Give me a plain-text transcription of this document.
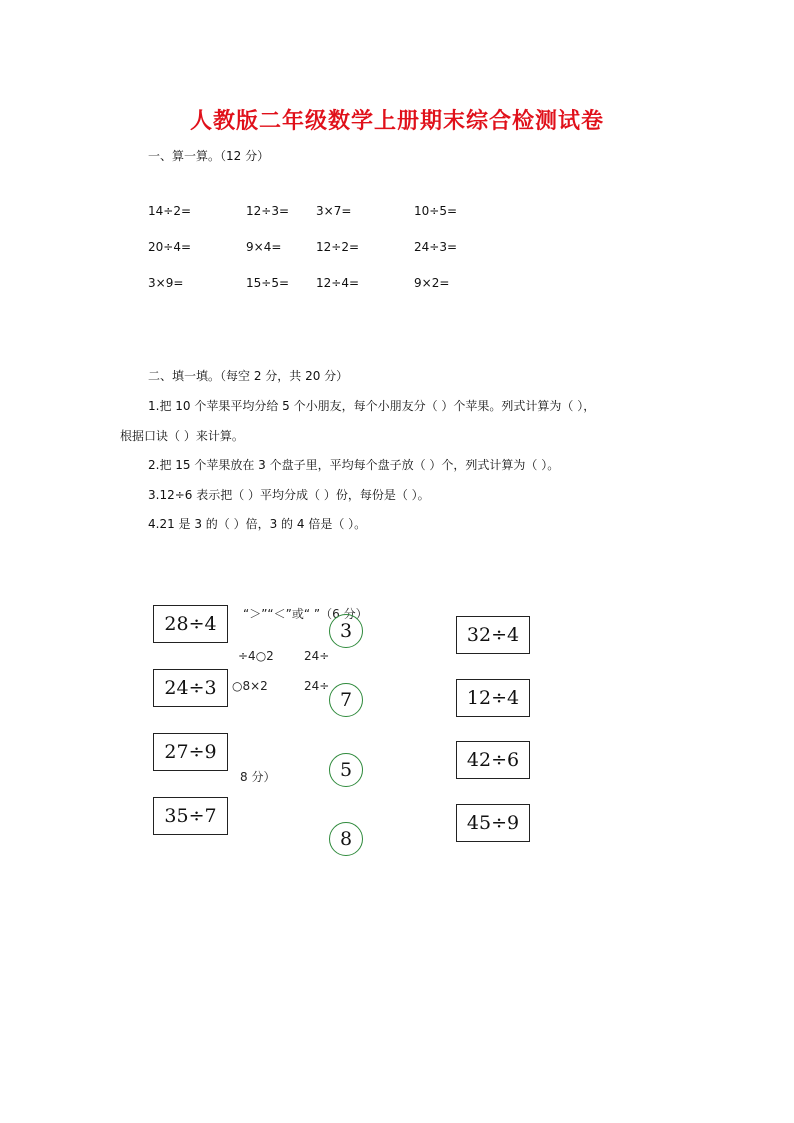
人教版二年级数学上册期末综合检测试卷
一、算一算。（12 分）
14÷2=	12÷3= 3×7=	10÷5=
20÷4=	9×4=	12÷2=	24÷3=
3×9=	15÷5= 12÷4=	9×2=
二、填一填。（每空 2 分，共 20 分）
1.把 10 个苹果平均分给 5 个小朋友，每个小朋友分（ ）个苹果。列式计算为（ ），
根据口诀（ ）来计算。
2.把 15 个苹果放在 3 个盘子里，平均每个盘子放（ ）个，列式计算为（ ）。
3.12÷6 表示把（ ）平均分成（ ）份，每份是（ ）。
4.21 是 3 的（ ）倍，3 的 4 倍是（ ）。
“＞”“＜”或“ ”（6 分）
÷4○2	24÷
○8×2	24÷
8 分）
28÷4
24÷3
27÷9
35÷7
3
7
5
8
32÷4
12÷4
42÷6
45÷9
